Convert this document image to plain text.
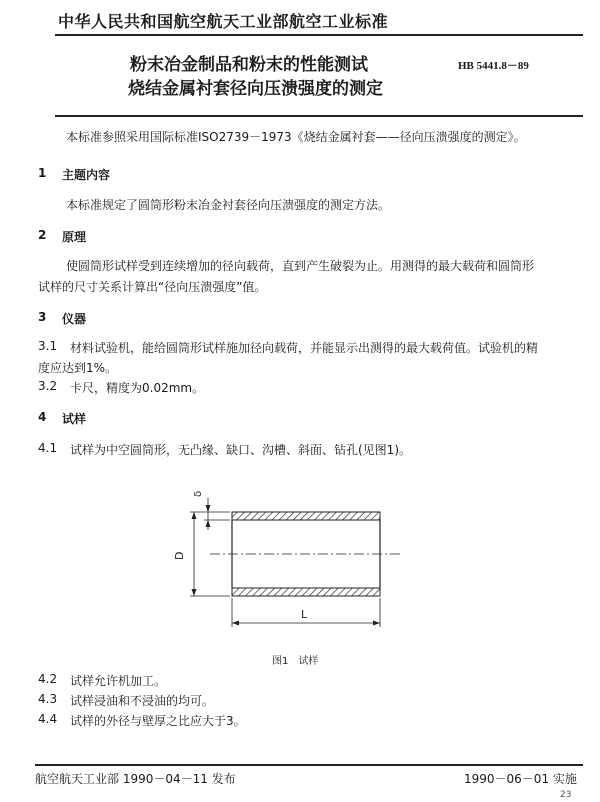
中华人民共和国航空航天工业部航空工业标准
粉末冶金制品和粉末的性能测试
烧结金属衬套径向压溃强度的测定
HB 5441.8－89
本标准参照采用国际标准ISO2739－1973《烧结金属衬套——径向压溃强度的测定》。
1 主题内容
本标准规定了圆筒形粉末冶金衬套径向压溃强度的测定方法。
2 原理
使圆筒形试样受到连续增加的径向载荷，直到产生破裂为止。用测得的最大载荷和圆筒形
试样的尺寸关系计算出“径向压溃强度”值。
3 仪器
3.1 材料试验机，能给圆筒形试样施加径向载荷，并能显示出测得的最大载荷值。试验机的精
度应达到1%。
3.2 卡尺，精度为0.02mm。
4 试样
4.1 试样为中空圆筒形，无凸缘、缺口、沟槽、斜面、钻孔(见图1)。
δ
D
L
图1　试样
4.2 试样允许机加工。
4.3 试样浸油和不浸油的均可。
4.4 试样的外径与壁厚之比应大于3。
航空航天工业部 1990－04－11 发布	1990－06－01 实施
23
